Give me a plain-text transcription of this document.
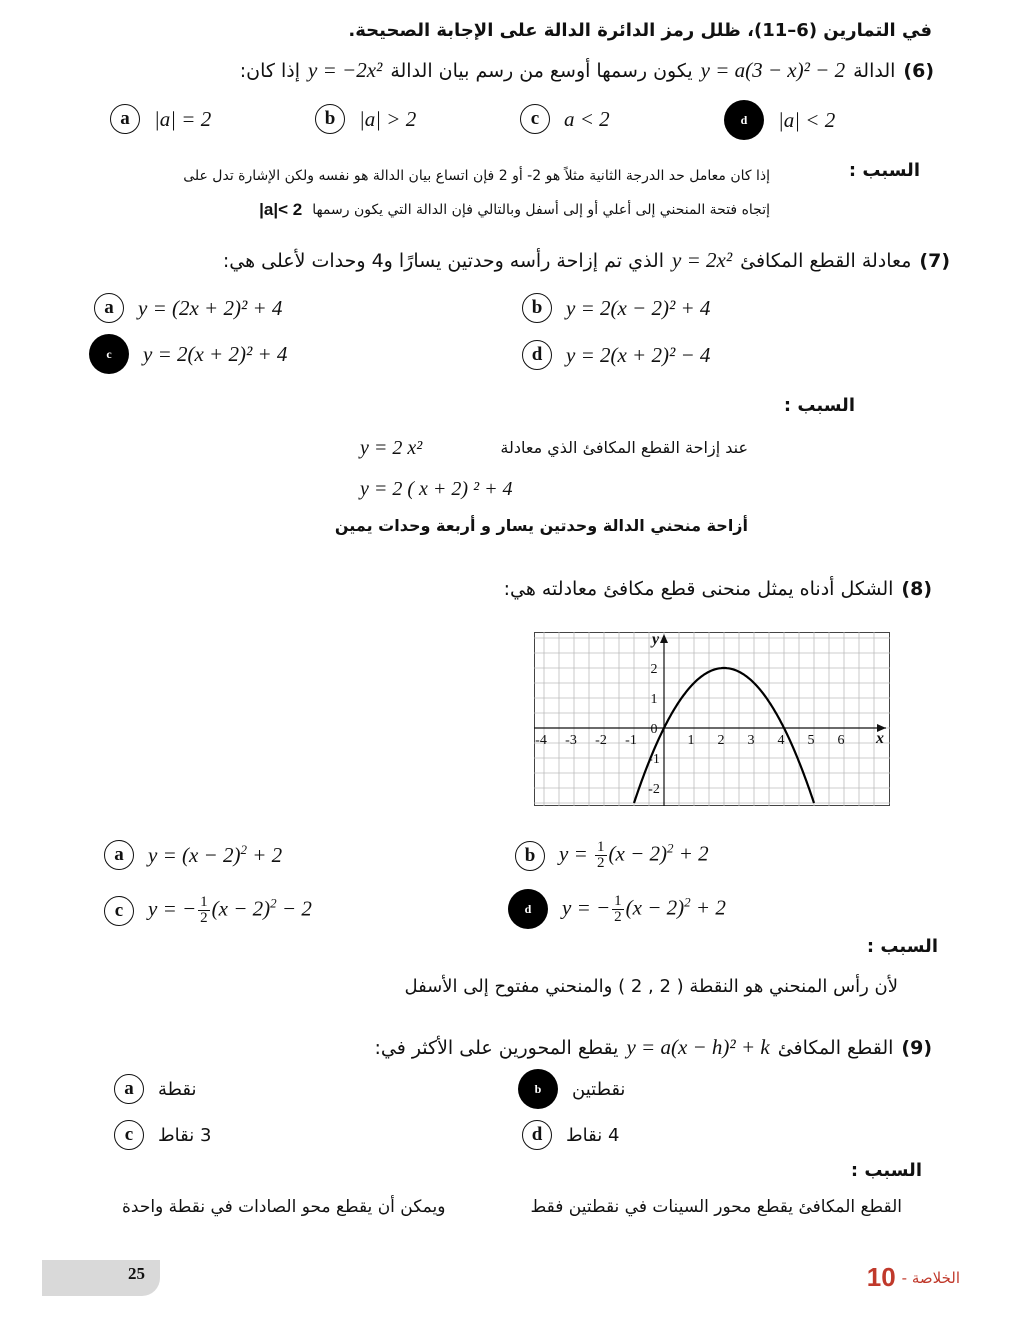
في التمارين (6–11)، ظلل رمز الدائرة الدالة على الإجابة الصحيحة.
(6)
الدالة
y = a(3 − x)² − 2
يكون رسمها أوسع من رسم بيان الدالة
y = −2x²
إذا كان:
a	|a| = 2	b	|a| > 2	c	a < 2	d	|a| < 2
السبب :
إذا كان معامل حد الدرجة الثانية مثلاً هو 2- أو 2 فإن اتساع بيان الدالة هو نفسه ولكن الإشارة تدل على
إتجاه فتحة المنحني إلى أعلي أو إلى أسفل وبالتالي فإن الدالة التي يكون رسمها
|a|< 2
(7)
معادلة القطع المكافئ
y = 2x²
الذي تم إزاحة رأسه وحدتين يسارًا و4 وحدات لأعلى هي:
a	y = (2x + 2)² + 4	b	y = 2(x − 2)² + 4
c	y = 2(x + 2)² + 4	d	y = 2(x + 2)² − 4
السبب :
عند إزاحة القطع المكافئ الذي معادلة
y = 2 x²
y = 2 ( x + 2) ² + 4
أزاحة منحني الدالة وحدتين يسار و أربعة وحدات يمين
(8)
الشكل أدناه يمثل منحنى قطع مكافئ معادلته هي:
-4 -3 -2 -1	1 2 3 4 5 6
2
1
0
-1
-2
x
y
a	$y = (x - 2)^2 + 2$	b	$y = \frac{1}{2} (x - 2)^2 + 2$
c	y = − $\frac{1}{2} (x - 2)^2 - 2$	d	y = − $\frac{1}{2} (x - 2)^2 + 2$
السبب :
لأن رأس المنحني هو النقطة ( 2 , 2 ) والمنحني مفتوح إلى الأسفل
(9)
القطع المكافئ
y = a(x − h)² + k
يقطع المحورين على الأكثر في:
a	نقطة	b	نقطتين
c	3 نقاط	d	4 نقاط
السبب :
القطع المكافئ يقطع محور السينات في نقطتين فقط
ويمكن أن يقطع محو الصادات في نقطة واحدة
25	الخلاصة -
10
